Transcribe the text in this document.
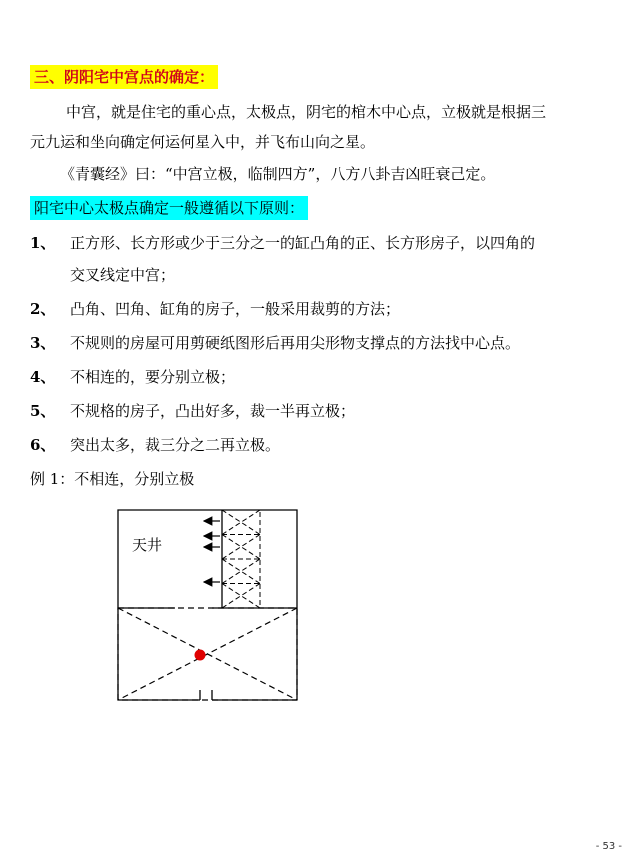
三、阴阳宅中宫点的确定：
中宫，就是住宅的重心点，太极点，阴宅的棺木中心点，立极就是根据三
元九运和坐向确定何运何星入中，并飞布山向之星。
《青囊经》曰：“中宫立极，临制四方”，八方八卦吉凶旺衰己定。
阳宅中心太极点确定一般遵循以下原则：
1、 正方形、长方形或少于三分之一的缸凸角的正、长方形房子，以四角的
交叉线定中宫；
2、 凸角、凹角、缸角的房子，一般采用裁剪的方法；
3、 不规则的房屋可用剪硬纸图形后再用尖形物支撑点的方法找中心点。
4、 不相连的，要分别立极；
5、 不规格的房子，凸出好多，裁一半再立极；
6、 突出太多，裁三分之二再立极。
例 1：不相连，分别立极
天井
- 53 -
